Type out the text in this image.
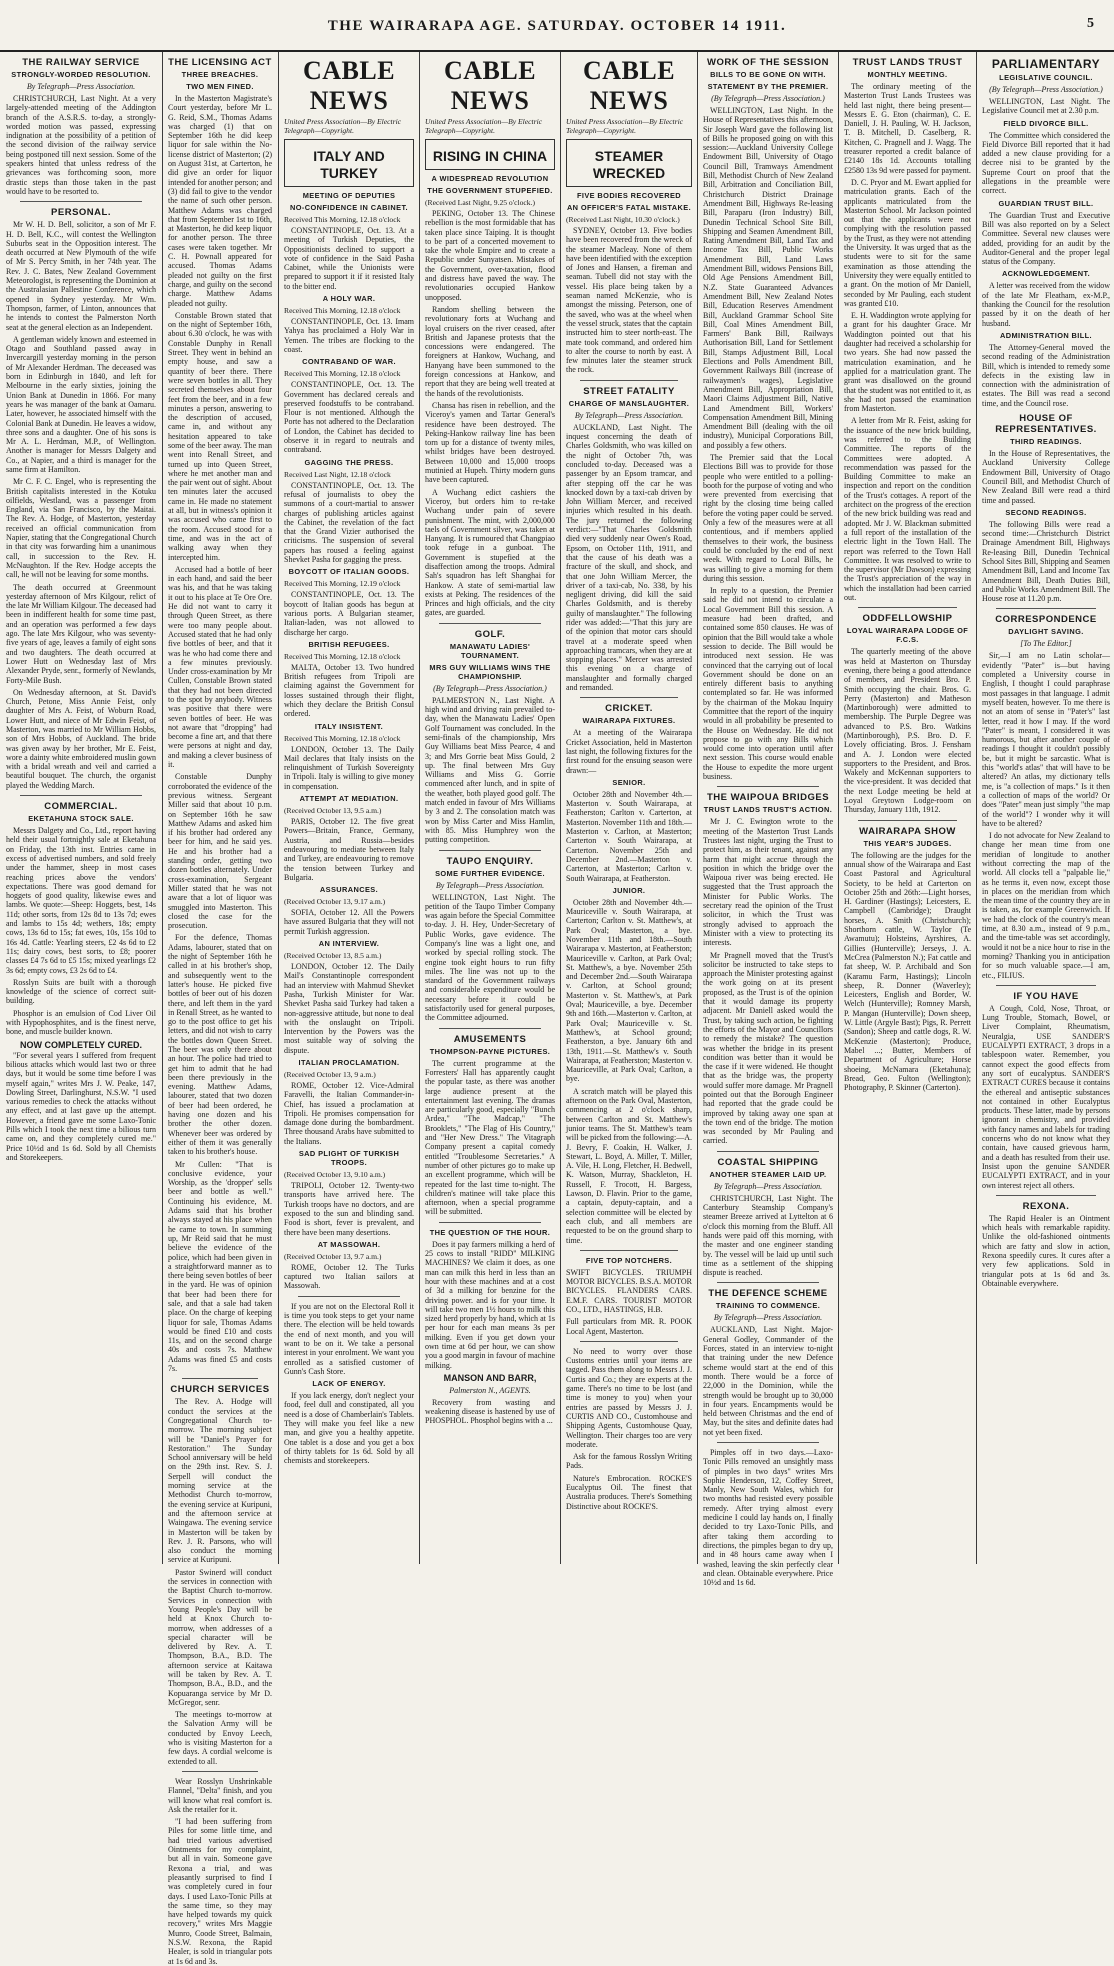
THE WAIRARAPA AGE. SATURDAY. OCTOBER 14 1911.	5
THE RAILWAY SERVICE
STRONGLY-WORDED RESOLUTION.
By Telegraph—Press Association.

CHRISTCHURCH, Last Night. At a very largely-attended meeting of the Addington branch of the A.S.R.S. to-day, a strongly-worded motion was passed, expressing indignation at the possibility of a petition of the second division of the railway service being postponed till next session. Some of the speakers hinted that unless redress of the grievances was forthcoming soon, more drastic steps than those taken in the past would have to be resorted to.

PERSONAL.

Mr W. H. D. Bell, solicitor, a son of Mr F. H. D. Bell, K.C., will contest the Wellington Suburbs seat in the Opposition interest. The death occurred at New Plymouth of the wife of Mr S. Percy Smith, in her 74th year. The Rev. J. C. Bates, New Zealand Government Meteorologist, is representing the Dominion at the Australasian Pallestine Conference, which opened in Sydney yesterday. Mr Wm. Thompson, farmer, of Linton, announces that he intends to contest the Palmerston North seat at the general election as an Independent.

A gentleman widely known and esteemed in Otago and Southland passed away in Invercargill yesterday morning in the person of Mr Alexander Herdman. The deceased was born in Edinburgh in 1840, and left for Melbourne in the early sixties, joining the Union Bank at Dunedin in 1866. For many years he was manager of the bank at Oamaru. Later, however, he associated himself with the Colonial Bank at Dunedin. He leaves a widow, three sons and a daughter. One of his sons is Mr A. L. Herdman, M.P., of Wellington. Another is manager for Messrs Dalgety and Co., at Napier, and a third is manager for the same firm at Hamilton.

Mr C. F. C. Engel, who is representing the British capitalists interested in the Kotuku oilfields, Westland, was a passenger from England, via San Francisco, by the Maitai. The Rev. A. Hodge, of Masterton, yesterday received an official communication from Napier, stating that the Congregational Church in that city was forwarding him a unanimous call, in succession to the Rev. H. McNaughton. If the Rev. Hodge accepts the call, he will not be leaving for some months.

The death occurred at Greenmount yesterday afternoon of Mrs Kilgour, relict of the late Mr William Kilgour. The deceased had been in indifferent health for some time past, and an operation was performed a few days ago. The late Mrs Kilgour, who was seventy-five years of age, leaves a family of eight sons and two daughters. The death occurred at Lower Hutt on Wednesday last of Mrs Alexander Pryde, senr., formerly of Newlands, Forty-Mile Bush.

On Wednesday afternoon, at St. David's Church, Petone, Miss Annie Feist, only daughter of Mrs A. Feist, of Woburn Road, Lower Hutt, and niece of Mr Edwin Feist, of Masterton, was married to Mr William Hobbs, son of Mrs Hobbs, of Auckland. The bride was given away by her brother, Mr E. Feist, wore a dainty white embroidered muslin gown with a bridal wreath and veil and carried a beautiful bouquet. The church, the organist played the Wedding March.

COMMERCIAL.
EKETAHUNA STOCK SALE.

Messrs Dalgety and Co., Ltd., report having held their usual fortnightly sale at Eketahuna on Friday, the 13th inst. Entries came in excess of advertised numbers, and sold freely under the hammer, sheep in most cases reaching prices above the vendors' expectations. There was good demand for hoggets of good quality, likewise ewes and lambs. We quote:—Sheep: Hoggets, best, 14s 11d; other sorts, from 12s 8d to 13s 7d; ewes and lambs to 15s 4d; wethers, 18s; empty cows, 13s 6d to 15s; fat ewes, 10s, 15s 10d to 16s 4d. Cattle: Yearling steers, £2 4s 6d to £2 11s; dairy cows, best sorts, to £8; poorer classes £4 7s 6d to £5 15s; mixed yearlings £2 3s 6d; empty cows, £3 2s 6d to £4.

Rosslyn Suits are built with a thorough knowledge of the science of correct suit-building.

Phosphor is an emulsion of Cod Liver Oil with Hypophosphites, and is the finest nerve, bone, and muscle builder known.

NOW COMPLETELY CURED.

"For several years I suffered from frequent bilious attacks which would last two or three days, but it would be some time before I was myself again," writes Mrs J. W. Peake, 147, Dowling Street, Darlinghurst, N.S.W. "I used various remedies to check the attacks without any effect, and at last gave up the attempt. However, a friend gave me some Laxo-Tonic Pills which I took the next time a bilious turn came on, and they completely cured me." Price 10½d and 1s 6d. Sold by all Chemists and Storekeepers.

THE LICENSING ACT
THREE BREACHES.
TWO MEN FINED.

In the Masterton Magistrate's Court yesterday, before Mr L. G. Reid, S.M., Thomas Adams was charged (1) that on September 16th he did keep liquor for sale within the No-license district of Masterton; (2) on August 31st, at Carterton, he did give an order for liquor intended for another person; and (3) did fail to give to the vendor the name of such other person. Matthew Adams was charged that from September 1st to 16th, at Masterton, he did keep liquor for another person. The three cases were taken together. Mr C. H. Pownall appeared for accused. Thomas Adams pleaded not guilty on the first charge, and guilty on the second charge. Matthew Adams pleaded not guilty.

Constable Brown stated that on the night of September 16th, about 6.30 o'clock, he was with Constable Dunphy in Renall Street. They went in behind an empty house, and saw a quantity of beer there. There were seven bottles in all. They secreted themselves about four feet from the beer, and in a few minutes a person, answering to the description of accused, came in, and without any hesitation appeared to take some of the beer away. The man went into Renall Street, and turned up into Queen Street, where he met another man and the pair went out of sight. About ten minutes later the accused came in. He made no statement at all, but in witness's opinion it was accused who came first to the room. Accused stood for a time, and was in the act of walking away when they intercepted him.

Accused had a bottle of beer in each hand, and said the beer was his, and that he was taking it out to his place at Te Ore Ore. He did not want to carry it through Queen Street, as there were too many people about. Accused stated that he had only five bottles of beer, and that it was he who had come there and a few minutes previously. Under cross-examination by Mr Cullen, Constable Brown stated that they had not been directed to the spot by anybody. Witness was positive that there were seven bottles of beer. He was not aware that "dropping" had become a fine art, and that there were persons at night and day, and making a clever business of it.

Constable Dunphy corroborated the evidence of the previous witness. Sergeant Miller said that about 10 p.m. on September 16th he saw Matthew Adams and asked him if his brother had ordered any beer for him, and he said yes. He and his brother had a standing order, getting two dozen bottles alternately. Under cross-examination, Sergeant Miller stated that he was not aware that a lot of liquor was smuggled into Masterton. This closed the case for the prosecution.

For the defence, Thomas Adams, labourer, stated that on the night of September 16th he called in at his brother's shop, and subsequently went to the latter's house. He picked five bottles of beer out of his dozen there, and left them in the yard in Renall Street, as he wanted to go to the post office to get his letters, and did not wish to carry the bottles down Queen Street. The beer was only there about an hour. The police had tried to get him to admit that he had been there previously in the evening. Matthew Adams, labourer, stated that two dozen of beer had been ordered, he having one dozen and his brother the other dozen. Whenever beer was ordered by either of them it was generally taken to his brother's house.

Mr Cullen: "That is conclusive evidence, your Worship, as the 'dropper' sells beer and bottle as well." Continuing his evidence, M. Adams said that his brother always stayed at his place when he came to town. In summing up, Mr Reid said that he must believe the evidence of the police, which had been given in a straightforward manner as to there being seven bottles of beer in the yard. He was of opinion that beer had been there for sale, and that a sale had taken place. On the charge of keeping liquor for sale, Thomas Adams would be fined £10 and costs 11s, and on the second charge 40s and costs 7s. Matthew Adams was fined £5 and costs 7s.

CHURCH SERVICES

The Rev. A. Hodge will conduct the services at the Congregational Church to-morrow. The morning subject will be "Daniel's Prayer for Restoration." The Sunday School anniversary will be held on the 29th inst. Rev. S. J. Serpell will conduct the morning service at the Methodist Church to-morrow, the evening service at Kuripuni, and the afternoon service at Waingawa. The evening service in Masterton will be taken by Rev. J. R. Parsons, who will also conduct the morning service at Kuripuni.

Pastor Swinerd will conduct the services in connection with the Baptist Church to-morrow. Services in connection with Young People's Day will be held at Knox Church to-morrow, when addresses of a special character will be delivered by Rev. A. T. Thompson, B.A., B.D. The afternoon service at Kaitawa will be taken by Rev. A. T. Thompson, B.A., B.D., and the Kopuaranga service by Mr D. McGregor, senr.

The meetings to-morrow at the Salvation Army will be conducted by Envoy Leech, who is visiting Masterton for a few days. A cordial welcome is extended to all.

Wear Rosslyn Unshrinkable Flannel, "Delta" finish, and you will know what real comfort is. Ask the retailer for it.

"I had been suffering from Piles for some little time, and had tried various advertised Ointments for my complaint, but all in vain. Someone gave Rexona a trial, and was pleasantly surprised to find I was completely cured in four days. I used Laxo-Tonic Pills at the same time, so they may have helped towards my quick recovery," writes Mrs Maggie Munro, Coode Street, Balmain, N.S.W. Rexona, the Rapid Healer, is sold in triangular pots at 1s 6d and 3s.

CABLE NEWS
United Press Association—By Electric Telegraph—Copyright.
ITALY AND TURKEY
MEETING OF DEPUTIES
NO-CONFIDENCE IN CABINET.
Received This Morning, 12.18 o'clock

CONSTANTINOPLE, Oct. 13. At a meeting of Turkish Deputies, the Oppositionists declined to support a vote of confidence in the Said Pasha Cabinet, while the Unionists were prepared to support it if it resisted Italy to the bitter end.

A HOLY WAR.
Received This Morning, 12.18 o'clock

CONSTANTINOPLE, Oct. 13. Imam Yahya has proclaimed a Holy War in Yemen. The tribes are flocking to the coast.

CONTRABAND OF WAR.
Received This Morning, 12.18 o'clock

CONSTANTINOPLE, Oct. 13. The Government has declared cereals and preserved foodstuffs to be contraband. Flour is not mentioned. Although the Porte has not adhered to the Declaration of London, the Cabinet has decided to observe it in regard to neutrals and contraband.

GAGGING THE PRESS.
Received Last Night, 12.18 o'clock

CONSTANTINOPLE, Oct. 13. The refusal of journalists to obey the summons of a court-martial to answer charges of publishing articles against the Cabinet, the revelation of the fact that the Grand Vizier authorised the criticisms. The suspension of several papers has roused a feeling against Shevket Pasha for gagging the press.

BOYCOTT OF ITALIAN GOODS.
Received This Morning, 12.19 o'clock

CONSTANTINOPLE, Oct. 13. The boycott of Italian goods has begun at various ports. A Bulgarian steamer, Italian-laden, was not allowed to discharge her cargo.

BRITISH REFUGEES.
Received This Morning, 12.18 o'clock

MALTA, October 13. Two hundred British refugees from Tripoli are claiming against the Government for losses sustained through their flight, which they declare the British Consul ordered.

ITALY INSISTENT.
Received This Morning, 12.18 o'clock

LONDON, October 13. The Daily Mail declares that Italy insists on the relinquishment of Turkish Sovereignty in Tripoli. Italy is willing to give money in compensation.

ATTEMPT AT MEDIATION.
(Received October 13, 9.5 a.m.)

PARIS, October 12. The five great Powers—Britain, France, Germany, Austria, and Russia—besides endeavouring to mediate between Italy and Turkey, are endeavouring to remove the tension between Turkey and Bulgaria.

ASSURANCES.
(Received October 13, 9.17 a.m.)

SOFIA, October 12. All the Powers have assured Bulgaria that they will not permit Turkish aggression.

AN INTERVIEW.
(Received October 13, 8.5 a.m.)

LONDON, October 12. The Daily Mail's Constantinople correspondent had an interview with Mahmud Shevket Pasha, Turkish Minister for War. Shevket Pasha said Turkey had taken a non-aggressive attitude, but none to deal with the onslaught on Tripoli. Intervention by the Powers was the most suitable way of solving the dispute.

ITALIAN PROCLAMATION.
(Received October 13, 9 a.m.)

ROME, October 12. Vice-Admiral Faravelli, the Italian Commander-in-Chief, has issued a proclamation at Tripoli. He promises compensation for damage done during the bombardment. Three thousand Arabs have submitted to the Italians.

SAD PLIGHT OF TURKISH TROOPS.
(Received October 13, 9.10 a.m.)

TRIPOLI, October 12. Twenty-two transports have arrived here. The Turkish troops have no doctors, and are exposed to the sun and blinding sand. Food is short, fever is prevalent, and there have been many desertions.

AT MASSOWAH.
(Received October 13, 9.7 a.m.)

ROME, October 12. The Turks captured two Italian sailors at Massowah.

If you are not on the Electoral Roll it is time you took steps to get your name there. The election will be held towards the end of next month, and you will want to be on it. We take a personal interest in your enrolment. We want you enrolled as a satisfied customer of Gunn's Cash Store.

LACK OF ENERGY.

If you lack energy, don't neglect your food, feel dull and constipated, all you need is a dose of Chamberlain's Tablets. They will make you feel like a new man, and give you a healthy appetite. One tablet is a dose and you get a box of thirty tablets for 1s 6d. Sold by all chemists and storekeepers.

CABLE NEWS
United Press Association—By Electric Telegraph—Copyright.
RISING IN CHINA
A WIDESPREAD REVOLUTION
THE GOVERNMENT STUPEFIED.
(Received Last Night, 9.25 o'clock.)

PEKING, October 13. The Chinese rebellion is the most formidable that has taken place since Taiping. It is thought to be part of a concerted movement to take the whole Empire and to create a Republic under Sunyatsen. Mistakes of the Government, over-taxation, flood and distress have paved the way. The revolutionaries occupied Hankow unopposed.

Random shelling between the revolutionary forts at Wuchang and loyal cruisers on the river ceased, after British and Japanese protests that the concessions were endangered. The foreigners at Hankow, Wuchang, and Hanyang have been summoned to the foreign concessions at Hankow, and report that they are being well treated at the hands of the revolutionists.

Chansa has risen in rebellion, and the Viceroy's yamen and Tartar General's residence have been destroyed. The Peking-Hankow railway line has been torn up for a distance of twenty miles, whilst bridges have been destroyed. Between 10,000 and 15,000 troops mutinied at Hupeh. Thirty modern guns have been captured.

A Wuchang edict cashiers the Viceroy, but orders him to re-take Wuchang under pain of severe punishment. The mint, with 2,000,000 taels of Government silver, was taken at Hanyang. It is rumoured that Changpiao took refuge in a gunboat. The Government is stupefied at the disaffection among the troops. Admiral Sah's squadron has left Shanghai for Hankow. A state of semi-martial law exists at Peking. The residences of the Princes and high officials, and the city gates, are guarded.

GOLF.
MANAWATU LADIES' TOURNAMENT.
MRS GUY WILLIAMS WINS THE CHAMPIONSHIP.
(By Telegraph—Press Association.)

PALMERSTON N., Last Night. A high wind and driving rain prevailed to-day, when the Manawatu Ladies' Open Golf Tournament was concluded. In the semi-finals of the championship, Mrs Guy Williams beat Miss Pearce, 4 and 3; and Mrs Gorrie beat Miss Gould, 2 up. The final between Mrs Guy Williams and Miss G. Gorrie commenced after lunch, and in spite of the weather, both played good golf. The match ended in favour of Mrs Williams by 3 and 2. The consolation match was won by Miss Carter and Miss Hamlin, with 85. Miss Humphrey won the putting competition.

TAUPO ENQUIRY.
SOME FURTHER EVIDENCE.
By Telegraph—Press Association.

WELLINGTON, Last Night. The petition of the Taupo Timber Company was again before the Special Committee to-day. J. H. Hey, Under-Secretary of Public Works, gave evidence. The Company's line was a light one, and worked by special rolling stock. The engine took eight hours to run fifty miles. The line was not up to the standard of the Government railways and considerable expenditure would be necessary before it could be satisfactorily used for general purposes, the Committee adjourned.

AMUSEMENTS
THOMPSON-PAYNE PICTURES.

The current programme at the Forresters' Hall has apparently caught the popular taste, as there was another large audience present at the entertainment last evening. The dramas are particularly good, especially "Bunch Ardea," "The Madcap," "The Brooklets," "The Flag of His Country," and "Her New Dress." The Vitagraph Company present a capital comedy entitled "Troublesome Secretaries." A number of other pictures go to make up an excellent programme, which will be repeated for the last time to-night. The children's matinee will take place this afternoon, when a special programme will be submitted.

THE QUESTION OF THE HOUR.

Does it pay farmers milking a herd of 25 cows to install "RIDD" MILKING MACHINES? We claim it does, as one man can milk this herd in less than an hour with these machines and at a cost of 3d a milking for benzine for the driving power. and is for your time. It will take two men 1½ hours to milk this sized herd properly by hand, which at 1s per hour for each man means 3s per milking. Even if you get down your own time at 6d per hour, we can show you a good margin in favour of machine milking.

MANSON AND BARR,
Palmerston N., AGENTS.

Recovery from wasting and weakening disease is hastened by use of PHOSPHOL. Phosphol begins with a ...

CABLE NEWS
United Press Association—By Electric Telegraph—Copyright.
STEAMER WRECKED
FIVE BODIES RECOVERED
AN OFFICER'S FATAL MISTAKE.
(Received Last Night, 10.30 o'clock.)

SYDNEY, October 13. Five bodies have been recovered from the wreck of the steamer Macleay. None of them have been identified with the exception of Jones and Hansen, a fireman and seaman. Tubell did not stay with the vessel. His place being taken by a seaman named McKenzie, who is amongst the missing. Peterson, one of the saved, who was at the wheel when the vessel struck, states that the captain instructed him to steer north-east. The mate took command, and ordered him to alter the course to north by east. A few minutes later the steamer struck the rock.

STREET FATALITY
CHARGE OF MANSLAUGHTER.
By Telegraph—Press Association.

AUCKLAND, Last Night. The inquest concerning the death of Charles Goldsmith, who was killed on the night of October 7th, was concluded to-day. Deceased was a passenger by an Epsom tramcar, and after stepping off the car he was knocked down by a taxi-cab driven by John William Mercer, and received injuries which resulted in his death. The jury returned the following verdict:—"That Charles Goldsmith died very suddenly near Owen's Road, Epsom, on October 11th, 1911, and that the cause of his death was a fracture of the skull, and shock, and that one John William Mercer, the driver of a taxi-cab, No. 338, by his negligent driving, did kill the said Charles Goldsmith, and is thereby guilty of manslaughter." The following rider was added:—"That this jury are of the opinion that motor cars should travel at a moderate speed when approaching tramcars, when they are at stopping places." Mercer was arrested this evening on a charge of manslaughter and formally charged and remanded.

CRICKET.
WAIRARAPA FIXTURES.

At a meeting of the Wairarapa Cricket Association, held in Masterton last night, the following fixtures for the first round for the ensuing season were drawn:—

SENIOR.

October 28th and November 4th.—Masterton v. South Wairarapa, at Featherston; Carlton v. Carterton, at Masterton. November 11th and 18th.—Masterton v. Carlton, at Masterton; Carterton v. South Wairarapa, at Carterton. November 25th and December 2nd.—Masterton v. Carterton, at Masterton; Carlton v. South Wairarapa, at Featherston.

JUNIOR.

October 28th and November 4th.—Mauriceville v. South Wairarapa, at Carterton; Carlton v. St. Matthew's, at Park Oval; Masterton, a bye. November 11th and 18th.—South Wairarapa v. Masterton, at Featherston; Mauriceville v. Carlton, at Park Oval; St. Matthew's, a bye. November 25th and December 2nd.—South Wairarapa v. Carlton, at School ground; Masterton v. St. Matthew's, at Park Oval; Mauriceville, a bye. December 9th and 16th.—Masterton v. Carlton, at Park Oval; Mauriceville v. St. Matthew's, at School ground; Featherston, a bye. January 6th and 13th, 1911.—St. Matthew's v. South Wairarapa, at Featherston; Masterton v. Mauriceville, at Park Oval; Carlton, a bye.

A scratch match will be played this afternoon on the Park Oval, Masterton, commencing at 2 o'clock sharp, between Carlton and St. Matthew's junior teams. The St. Matthew's team will be picked from the following:—A. J. Bevry, F. Coakin, H. Walker, J. Stewart, L. Boyd, A. Miller, T. Miller, A. Vile, H. Long, Fletcher, H. Bedwell, K. Watson, Murray, Shackleton, H. Russell, F. Trocott, H. Bargess, Lawson, D. Flavin. Prior to the game, a captain, deputy-captain, and a selection committee will be elected by each club, and all members are requested to be on the ground sharp to time.

FIVE TOP NOTCHERS.

SWIFT BICYCLES. TRIUMPH MOTOR BICYCLES. B.S.A. MOTOR BICYCLES. FLANDERS CARS. E.M.F. CARS. TOURIST MOTOR CO., LTD., HASTINGS, H.B.

Full particulars from MR. R. POOK Local Agent, Masterton.

No need to worry over those Customs entries until your items are tagged. Pass them along to Messrs J. J. Curtis and Co.; they are experts at the game. There's no time to be lost (and time is money to you) when your entries are passed by Messrs J. J. CURTIS AND CO., Customhouse and Shipping Agents, Customhouse Quay, Wellington. Their charges too are very moderate.

Ask for the famous Rosslyn Writing Pads.

Nature's Embrocation. ROCKE'S Eucalyptus Oil. The finest that Australia produces. There's Something Distinctive about ROCKE'S.

WORK OF THE SESSION
BILLS TO BE GONE ON WITH.
STATEMENT BY THE PREMIER.
(By Telegraph—Press Association.)

WELLINGTON, Last Night. In the House of Representatives this afternoon, Sir Joseph Ward gave the following list of Bills he proposed going on with this session:—Auckland University College Endowment Bill, University of Otago Council Bill, Tramways Amendment Bill, Methodist Church of New Zealand Bill, Arbitration and Conciliation Bill, Christchurch District Drainage Amendment Bill, Highways Re-leasing Bill, Paraparu (Iron Industry) Bill, Dunedin Technical School Site Bill, Shipping and Seamen Amendment Bill, Rating Amendment Bill, Land Tax and Income Tax Bill, Public Works Amendment Bill, Land Laws Amendment Bill, widows Pensions Bill, Old Age Pensions Amendment Bill, N.Z. State Guaranteed Advances Amendment Bill, New Zealand Notes Bill, Education Reserves Amendment Bill, Auckland Grammar School Site Bill, Coal Mines Amendment Bill, Farmers' Bank Bill, Railways Authorisation Bill, Land for Settlement Bill, Stamps Adjustment Bill, Local Elections and Polls Amendment Bill, Government Railways Bill (increase of railwaymen's wages), Legislative Amendment Bill, Appropriation Bill, Maori Claims Adjustment Bill, Native Land Amendment Bill, Workers' Compensation Amendment Bill, Mining Amendment Bill (dealing with the oil industry), Municipal Corporations Bill, and possibly a few others.

The Premier said that the Local Elections Bill was to provide for those people who were entitled to a polling-booth for the purpose of voting and who were prevented from exercising that right by the closing time being called before the voting paper could be served. Only a few of the measures were at all contentious, and if members applied themselves to their work, the business could be concluded by the end of next week. With regard to Local Bills, he was willing to give a morning for them during this session.

In reply to a question, the Premier said he did not intend to circulate a Local Government Bill this session. A measure had been drafted, and contained some 850 clauses. He was of opinion that the Bill would take a whole session to decide. The Bill would be introduced next session. He was convinced that the carrying out of local Government should be done on an entirely different basis to anything contemplated so far. He was informed by the chairman of the Mokau Inquiry Committee that the report of the inquiry would in all probability be presented to the House on Wednesday. He did not propose to go with any Bills which would come into operation until after next session. This course would enable the House to expedite the more urgent business.

THE WAIPOUA BRIDGES
TRUST LANDS TRUST'S ACTION.

Mr J. C. Ewington wrote to the meeting of the Masterton Trust Lands Trustees last night, urging the Trust to protect him, as their tenant, against any harm that might accrue through the position in which the bridge over the Waipoua river was being erected. He suggested that the Trust approach the Minister for Public Works. The secretary read the opinion of the Trust solicitor, in which the Trust was strongly advised to approach the Minister with a view to protecting its interests.

Mr Pragnell moved that the Trust's solicitor be instructed to take steps to approach the Minister protesting against the work going on at its present proposed, as the Trust is of the opinion that it would damage its property adjacent. Mr Daniell asked would the Trust, by taking such action, be fighting the efforts of the Mayor and Councillors to remedy the mistake? The question was whether the bridge in its present condition was better than it would be the case if it were widened. He thought that as the bridge was, the property would suffer more damage. Mr Pragnell pointed out that the Borough Engineer had reported that the grade could be improved by taking away one span at the town end of the bridge. The motion was seconded by Mr Pauling and carried.

COASTAL SHIPPING
ANOTHER STEAMER LAID UP.
By Telegraph—Press Association.

CHRISTCHURCH, Last Night. The Canterbury Steamship Company's steamer Breeze arrived at Lyttelton at 6 o'clock this morning from the Bluff. All hands were paid off this morning, with the master and one engineer standing by. The vessel will be laid up until such time as a settlement of the shipping dispute is reached.

THE DEFENCE SCHEME
TRAINING TO COMMENCE.
By Telegraph—Press Association.

AUCKLAND, Last Night. Major-General Godley, Commander of the Forces, stated in an interview to-night that training under the new Defence scheme would start at the end of this month. There would be a force of 22,000 in the Dominion, while the strength would be brought up to 30,000 in four years. Encampments would be held between Christmas and the end of May, but the sites and definite dates had not yet been fixed.

Pimples off in two days.—Laxo-Tonic Pills removed an unsightly mass of pimples in two days" writes Mrs Sophie Henderson, 12, Coffey Street, Manly, New South Wales, which for two months had resisted every possible remedy. After trying almost every medicine I could lay hands on, I finally decided to try Laxo-Tonic Pills, and after taking them according to directions, the pimples began to dry up, and in 48 hours came away when I washed, leaving the skin perfectly clear and clean. Obtainable everywhere. Price 10½d and 1s 6d.

TRUST LANDS TRUST
MONTHLY MEETING.

The ordinary meeting of the Masterton Trust Lands Trustees was held last night, there being present—Messrs E. G. Eton (chairman), C. E. Daniell, J. H. Pauling, W. H. Jackson, T. B. Mitchell, D. Caselberg, R. Kitchen, C. Pragnell and J. Wagg. The treasurer reported a credit balance of £2140 18s 1d. Accounts totalling £2580 13s 9d were passed for payment.

D. C. Pryor and M. Ewart applied for matriculation grants. Each of the applicants matriculated from the Masterton School. Mr Jackson pointed out that the applicants were not complying with the resolution passed by the Trust, as they were not attending the University. It was urged that as the students were to sit for the same examination as those attending the University they were equally entitled to a grant. On the motion of Mr Daniell, seconded by Mr Pauling, each student was granted £10.

E. H. Waddington wrote applying for a grant for his daughter Grace. Mr Waddington pointed out that his daughter had received a scholarship for two years. She had now passed the matriculation examination, and he applied for a matriculation grant. The grant was disallowed on the ground that the student was not entitled to it, as she had not passed the examination from Masterton.

A letter from Mr R. Feist, asking for the issuance of the new brick building, was referred to the Building Committee. The reports of the Committees were adopted. A recommendation was passed for the Building Committee to make an inspection and report on the condition of the Trust's cottages. A report of the architect on the progress of the erection of the new brick building was read and adopted. Mr J. W. Blackman submitted a full report of the installation of the electric light in the Town Hall. The report was referred to the Town Hall Committee. It was resolved to write to the supervisor (Mr Dawson) expressing the Trust's appreciation of the way in which the installation had been carried out.

ODDFELLOWSHIP
LOYAL WAIRARAPA LODGE OF F.C.S.

The quarterly meeting of the above was held at Masterton on Thursday evening, there being a good attendance of members, and President Bro. P. Smith occupying the chair. Bros. G. Perry (Masterton) and Matheson (Martinborough) were admitted to membership. The Purple Degree was advanced to P.S. Bro. Watkins (Martinborough), P.S. Bro. D. F. Lovely officiating. Bros. J. Fensham and A. J. London were elected supporters to the President, and Bros. Wakely and McKennan supporters to the vice-president. It was decided that the next Lodge meeting be held at Loyal Greytown Lodge-room on Thursday, January 11th, 1912.

WAIRARAPA SHOW
THIS YEAR'S JUDGES.

The following are the judges for the annual show of the Wairarapa and East Coast Pastoral and Agricultural Society, to be held at Carterton on October 25th and 26th:—Light horses, H. Gardiner (Hastings); Leicesters, E. Campbell (Cambridge); Draught horses, A. Smith (Christchurch); Shorthorn cattle, W. Taylor (Te Awamutu); Holsteins, Ayrshires, A. Gillies (Hunterville); Jerseys, J. A. McCrea (Palmerston N.); Fat cattle and fat sheep, W. P. Archibald and Son (Karamu Farm, Hastings); Lincoln sheep, R. Donner (Waverley); Leicesters, English and Border, W. Welch (Hunterville); Romney Marsh, P. Mangan (Hunterville); Down sheep, W. Little (Argyle Bast); Pigs, R. Perrett (Sandon); Sheep and cattle dogs, R. W. McKenzie (Masterton); Produce, Mabel ...; Butter, Members of Department of Agriculture; Horse shoeing, McNamara (Eketahuna); Bread, Geo. Fulton (Wellington); Photography, P. Skinner (Carterton).

PARLIAMENTARY
LEGISLATIVE COUNCIL.
(By Telegraph—Press Association.)

WELLINGTON, Last Night. The Legislative Council met at 2.30 p.m.

FIELD DIVORCE BILL.

The Committee which considered the Field Divorce Bill reported that it had added a new clause providing for a decree nisi to be granted by the Supreme Court on proof that the allegations in the preamble were correct.

GUARDIAN TRUST BILL.

The Guardian Trust and Executive Bill was also reported on by a Select Committee. Several new clauses were added, providing for an audit by the Auditor-General and the proper legal status of the Company.

ACKNOWLEDGEMENT.

A letter was received from the widow of the late Mr Fleatham, ex-M.P., thanking the Council for the resolution passed by it on the death of her husband.

ADMINISTRATION BILL.

The Attorney-General moved the second reading of the Administration Bill, which is intended to remedy some defects in the existing law in connection with the administration of estates. The Bill was read a second time, and the Council rose.

HOUSE OF REPRESENTATIVES.
THIRD READINGS.

In the House of Representatives, the Auckland University College Endowment Bill, University of Otago Council Bill, and Methodist Church of New Zealand Bill were read a third time and passed.

SECOND READINGS.

The following Bills were read a second time:—Christchurch District Drainage Amendment Bill, Highways Re-leasing Bill, Dunedin Technical School Sites Bill, Shipping and Seamen Amendment Bill, Land and Income Tax Amendment Bill, Death Duties Bill, and Public Works Amendment Bill. The House rose at 11.20 p.m.

CORRESPONDENCE
DAYLIGHT SAVING.
[To The Editor.]

Sir,—I am no Latin scholar—evidently "Pater" is—but having completed a University course in English, I thought I could paraphrase most passages in that language. I admit myself beaten, however. To me there is not an atom of sense in "Pater's" last letter, read it how I may. If the word "Pater" is meant, I considered it was humorous, but after another couple of readings I thought it couldn't possibly be, but it might be sarcastic. What is this "world's atlas" that will have to be altered? An atlas, my dictionary tells me, is "a collection of maps." Is it then a collection of maps of the world? Or does "Pater" mean just simply "the map of the world"? I wonder why it will have to be altered?

I do not advocate for New Zealand to change her mean time from one meridian of longitude to another without correcting the map of the world. All clocks tell a "palpable lie," as he terms it, even now, except those in places on the meridian from which the mean time of the country they are in is taken, as, for example Greenwich. If we had the clock of the country's mean time, at 8.30 a.m., instead of 9 p.m., and the time-table was set accordingly, would it not be a nice hour to rise in the morning? Thanking you in anticipation for so much valuable space.—I am, etc., FILIUS.

IF YOU HAVE

A Cough, Cold, Nose, Throat, or Lung Trouble, Stomach, Bowel, or Liver Complaint, Rheumatism, Neuralgia, USE SANDER'S EUCALYPTI EXTRACT, 3 drops in a tablespoon water. Remember, you cannot expect the good effects from any sort of eucalyptus. SANDER'S EXTRACT CURES because it contains the ethereal and antiseptic substances not contained in other Eucalyptus products. These latter, made by persons ignorant in chemistry, and provided with fancy names and labels for trading concerns who do not know what they contain, have caused grievous harm, and a death has resulted from their use. Insist upon the genuine SANDER EUCALYPTI EXTRACT, and in your own interest reject all others.

REXONA.

The Rapid Healer is an Ointment which heals with remarkable rapidity. Unlike the old-fashioned ointments which are fatty and slow in action, Rexona speedily cures. It cures after a very few applications. Sold in triangular pots at 1s 6d and 3s. Obtainable everywhere.
